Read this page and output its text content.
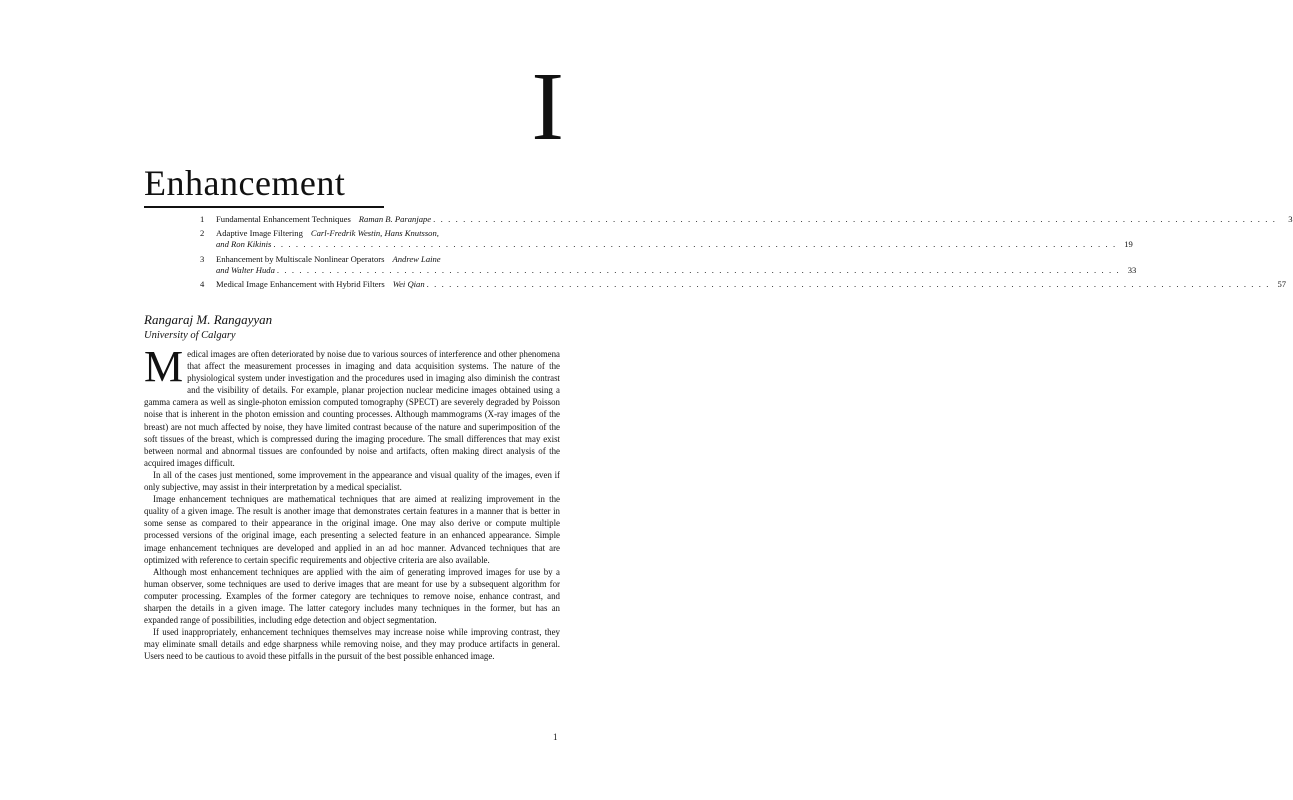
I
Enhancement
1	Fundamental Enhancement Techniques Raman B. Paranjape . . .	3
2	Adaptive Image Filtering Carl-Fredrik Westin, Hans Knutsson,
and Ron Kikinis . . .	19
3	Enhancement by Multiscale Nonlinear Operators Andrew Laine
and Walter Huda . . .	33
4	Medical Image Enhancement with Hybrid Filters Wei Qian . . .	57
Rangaraj M. Rangayyan
University of Calgary

Medical images are often deteriorated by noise due to various sources of interference and other phenomena that affect the measurement processes in imaging and data acquisition systems. The nature of the physiological system under investigation and the procedures used in imaging also diminish the contrast and the visibility of details. For example, planar projection nuclear medicine images obtained using a gamma camera as well as single-photon emission computed tomography (SPECT) are severely degraded by Poisson noise that is inherent in the photon emission and counting processes. Although mammograms (X-ray images of the breast) are not much affected by noise, they have limited contrast because of the nature and superimposition of the soft tissues of the breast, which is compressed during the imaging procedure. The small differences that may exist between normal and abnormal tissues are confounded by noise and artifacts, often making direct analysis of the acquired images difficult.

In all of the cases just mentioned, some improvement in the appearance and visual quality of the images, even if only subjective, may assist in their interpretation by a medical specialist.

Image enhancement techniques are mathematical techniques that are aimed at realizing improvement in the quality of a given image. The result is another image that demonstrates certain features in a manner that is better in some sense as compared to their appearance in the original image. One may also derive or compute multiple processed versions of the original image, each presenting a selected feature in an enhanced appearance. Simple image enhancement techniques are developed and applied in an ad hoc manner. Advanced techniques that are optimized with reference to certain specific requirements and objective criteria are also available.

Although most enhancement techniques are applied with the aim of generating improved images for use by a human observer, some techniques are used to derive images that are meant for use by a subsequent algorithm for computer processing. Examples of the former category are techniques to remove noise, enhance contrast, and sharpen the details in a given image. The latter category includes many techniques in the former, but has an expanded range of possibilities, including edge detection and object segmentation.

If used inappropriately, enhancement techniques themselves may increase noise while improving contrast, they may eliminate small details and edge sharpness while removing noise, and they may produce artifacts in general. Users need to be cautious to avoid these pitfalls in the pursuit of the best possible enhanced image.

1
